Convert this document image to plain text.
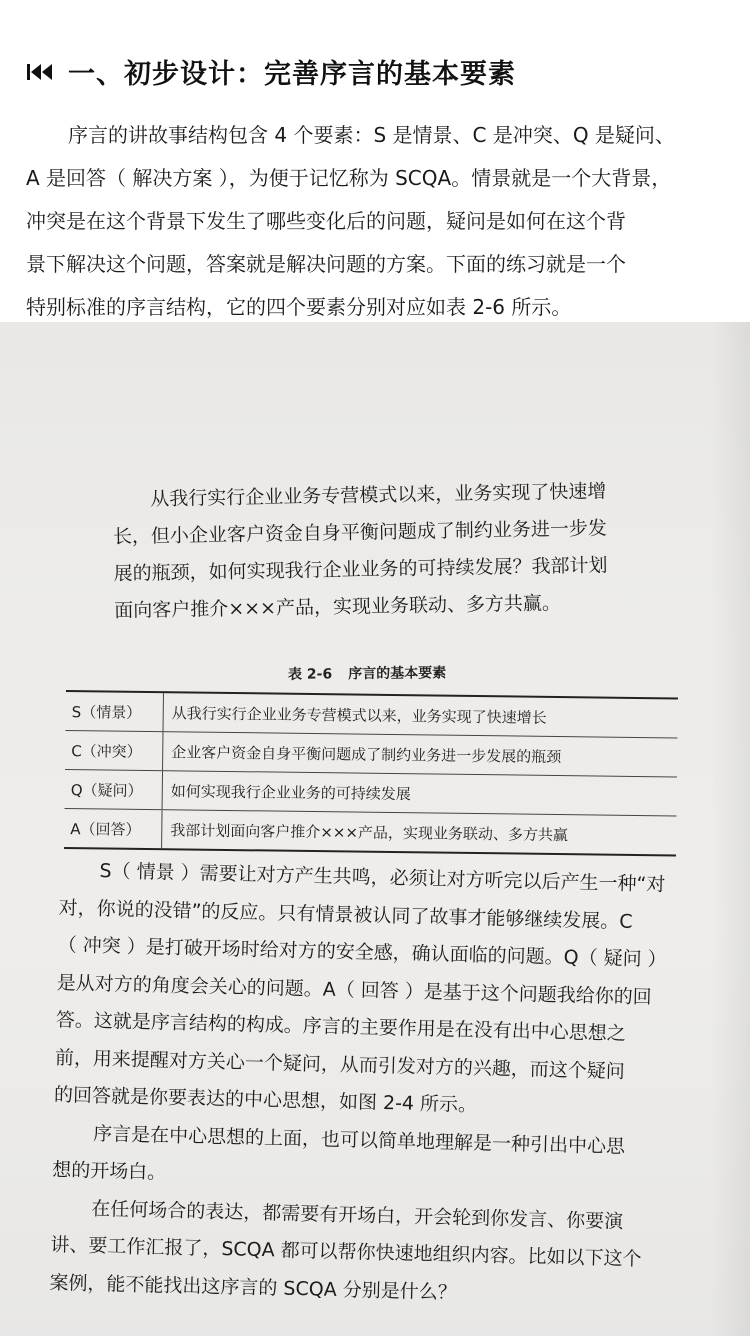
一、初步设计：完善序言的基本要素
序言的讲故事结构包含 4 个要素：S 是情景、C 是冲突、Q 是疑问、
A 是回答（ 解决方案 ），为便于记忆称为 SCQA。情景就是一个大背景，
冲突是在这个背景下发生了哪些变化后的问题，疑问是如何在这个背
景下解决这个问题，答案就是解决问题的方案。下面的练习就是一个
特别标准的序言结构，它的四个要素分别对应如表 2-6 所示。
从我行实行企业业务专营模式以来，业务实现了快速增
长，但小企业客户资金自身平衡问题成了制约业务进一步发
展的瓶颈，如何实现我行企业业务的可持续发展？我部计划
面向客户推介×××产品，实现业务联动、多方共赢。
表 2-6 序言的基本要素
S（情景）	从我行实行企业业务专营模式以来，业务实现了快速增长
C（冲突）	企业客户资金自身平衡问题成了制约业务进一步发展的瓶颈
Q（疑问）	如何实现我行企业业务的可持续发展
A（回答）	我部计划面向客户推介×××产品，实现业务联动、多方共赢
S（ 情景 ）需要让对方产生共鸣，必须让对方听完以后产生一种“对
对，你说的没错”的反应。只有情景被认同了故事才能够继续发展。C
（ 冲突 ）是打破开场时给对方的安全感，确认面临的问题。Q（ 疑问 ）
是从对方的角度会关心的问题。A（ 回答 ）是基于这个问题我给你的回
答。这就是序言结构的构成。序言的主要作用是在没有出中心思想之
前，用来提醒对方关心一个疑问，从而引发对方的兴趣，而这个疑问
的回答就是你要表达的中心思想，如图 2-4 所示。
序言是在中心思想的上面，也可以简单地理解是一种引出中心思
想的开场白。
在任何场合的表达，都需要有开场白，开会轮到你发言、你要演
讲、要工作汇报了，SCQA 都可以帮你快速地组织内容。比如以下这个
案例，能不能找出这序言的 SCQA 分别是什么？
